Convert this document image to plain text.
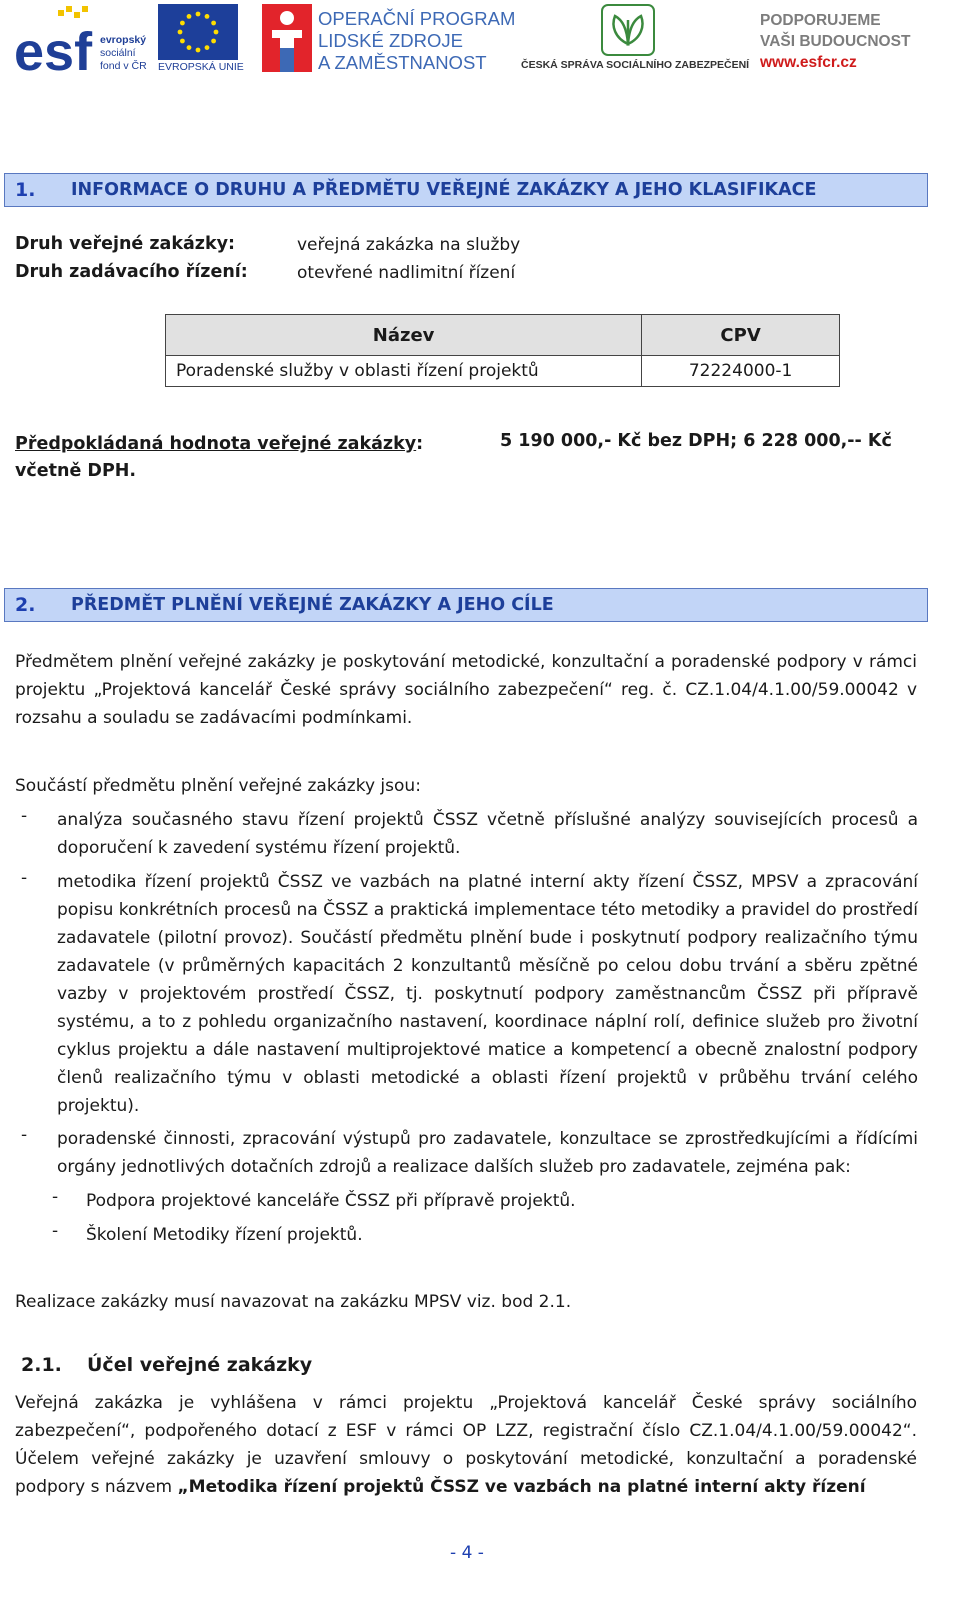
esf evropský
sociální
fond v ČR EVROPSKÁ UNIE
OPERAČNÍ PROGRAM
LIDSKÉ ZDROJE
A ZAMĚSTNANOST	ČESKÁ SPRÁVA SOCIÁLNÍHO ZABEZPEČENÍ
PODPORUJEME
VAŠI BUDOUCNOST
www.esfcr.cz
1.	INFORMACE O DRUHU A PŘEDMĚTU VEŘEJNÉ ZAKÁZKY A JEHO KLASIFIKACE
Druh veřejné zakázky:	veřejná zakázka na služby
Druh zadávacího řízení:	otevřené nadlimitní řízení
Název	CPV
Poradenské služby v oblasti řízení projektů	72224000-1
Předpokládaná hodnota veřejné zakázky:
včetně DPH.
5 190 000,- Kč bez DPH; 6 228 000,-- Kč
2.	PŘEDMĚT PLNĚNÍ VEŘEJNÉ ZAKÁZKY A JEHO CÍLE
Předmětem plnění veřejné zakázky je poskytování metodické, konzultační a poradenské podpory v rámci projektu „Projektová kancelář České správy sociálního zabezpečení“ reg. č. CZ.1.04/4.1.00/59.00042 v rozsahu a souladu se zadávacími podmínkami.
Součástí předmětu plnění veřejné zakázky jsou:
- analýza současného stavu řízení projektů ČSSZ včetně příslušné analýzy souvisejících procesů a doporučení k zavedení systému řízení projektů.
- metodika řízení projektů ČSSZ ve vazbách na platné interní akty řízení ČSSZ, MPSV a zpracování popisu konkrétních procesů na ČSSZ a praktická implementace této metodiky a pravidel do prostředí zadavatele (pilotní provoz). Součástí předmětu plnění bude i poskytnutí podpory realizačního týmu zadavatele (v průměrných kapacitách 2 konzultantů měsíčně po celou dobu trvání a sběru zpětné vazby v projektovém prostředí ČSSZ, tj. poskytnutí podpory zaměstnancům ČSSZ při přípravě systému, a to z pohledu organizačního nastavení, koordinace náplní rolí, definice služeb pro životní cyklus projektu a dále nastavení multiprojektové matice a kompetencí a obecně znalostní podpory členů realizačního týmu v oblasti metodické a oblasti řízení projektů v průběhu trvání celého projektu).
- poradenské činnosti, zpracování výstupů pro zadavatele, konzultace se zprostředkujícími a řídícími orgány jednotlivých dotačních zdrojů a realizace dalších služeb pro zadavatele, zejména pak:
- Podpora projektové kanceláře ČSSZ při přípravě projektů.
- Školení Metodiky řízení projektů.
Realizace zakázky musí navazovat na zakázku MPSV viz. bod 2.1.
2.1. Účel veřejné zakázky
Veřejná zakázka je vyhlášena v rámci projektu „Projektová kancelář České správy sociálního zabezpečení“, podpořeného dotací z ESF v rámci OP LZZ, registrační číslo CZ.1.04/4.1.00/59.00042“. Účelem veřejné zakázky je uzavření smlouvy o poskytování metodické, konzultační a poradenské podpory s názvem „Metodika řízení projektů ČSSZ ve vazbách na platné interní akty řízení
- 4 -
